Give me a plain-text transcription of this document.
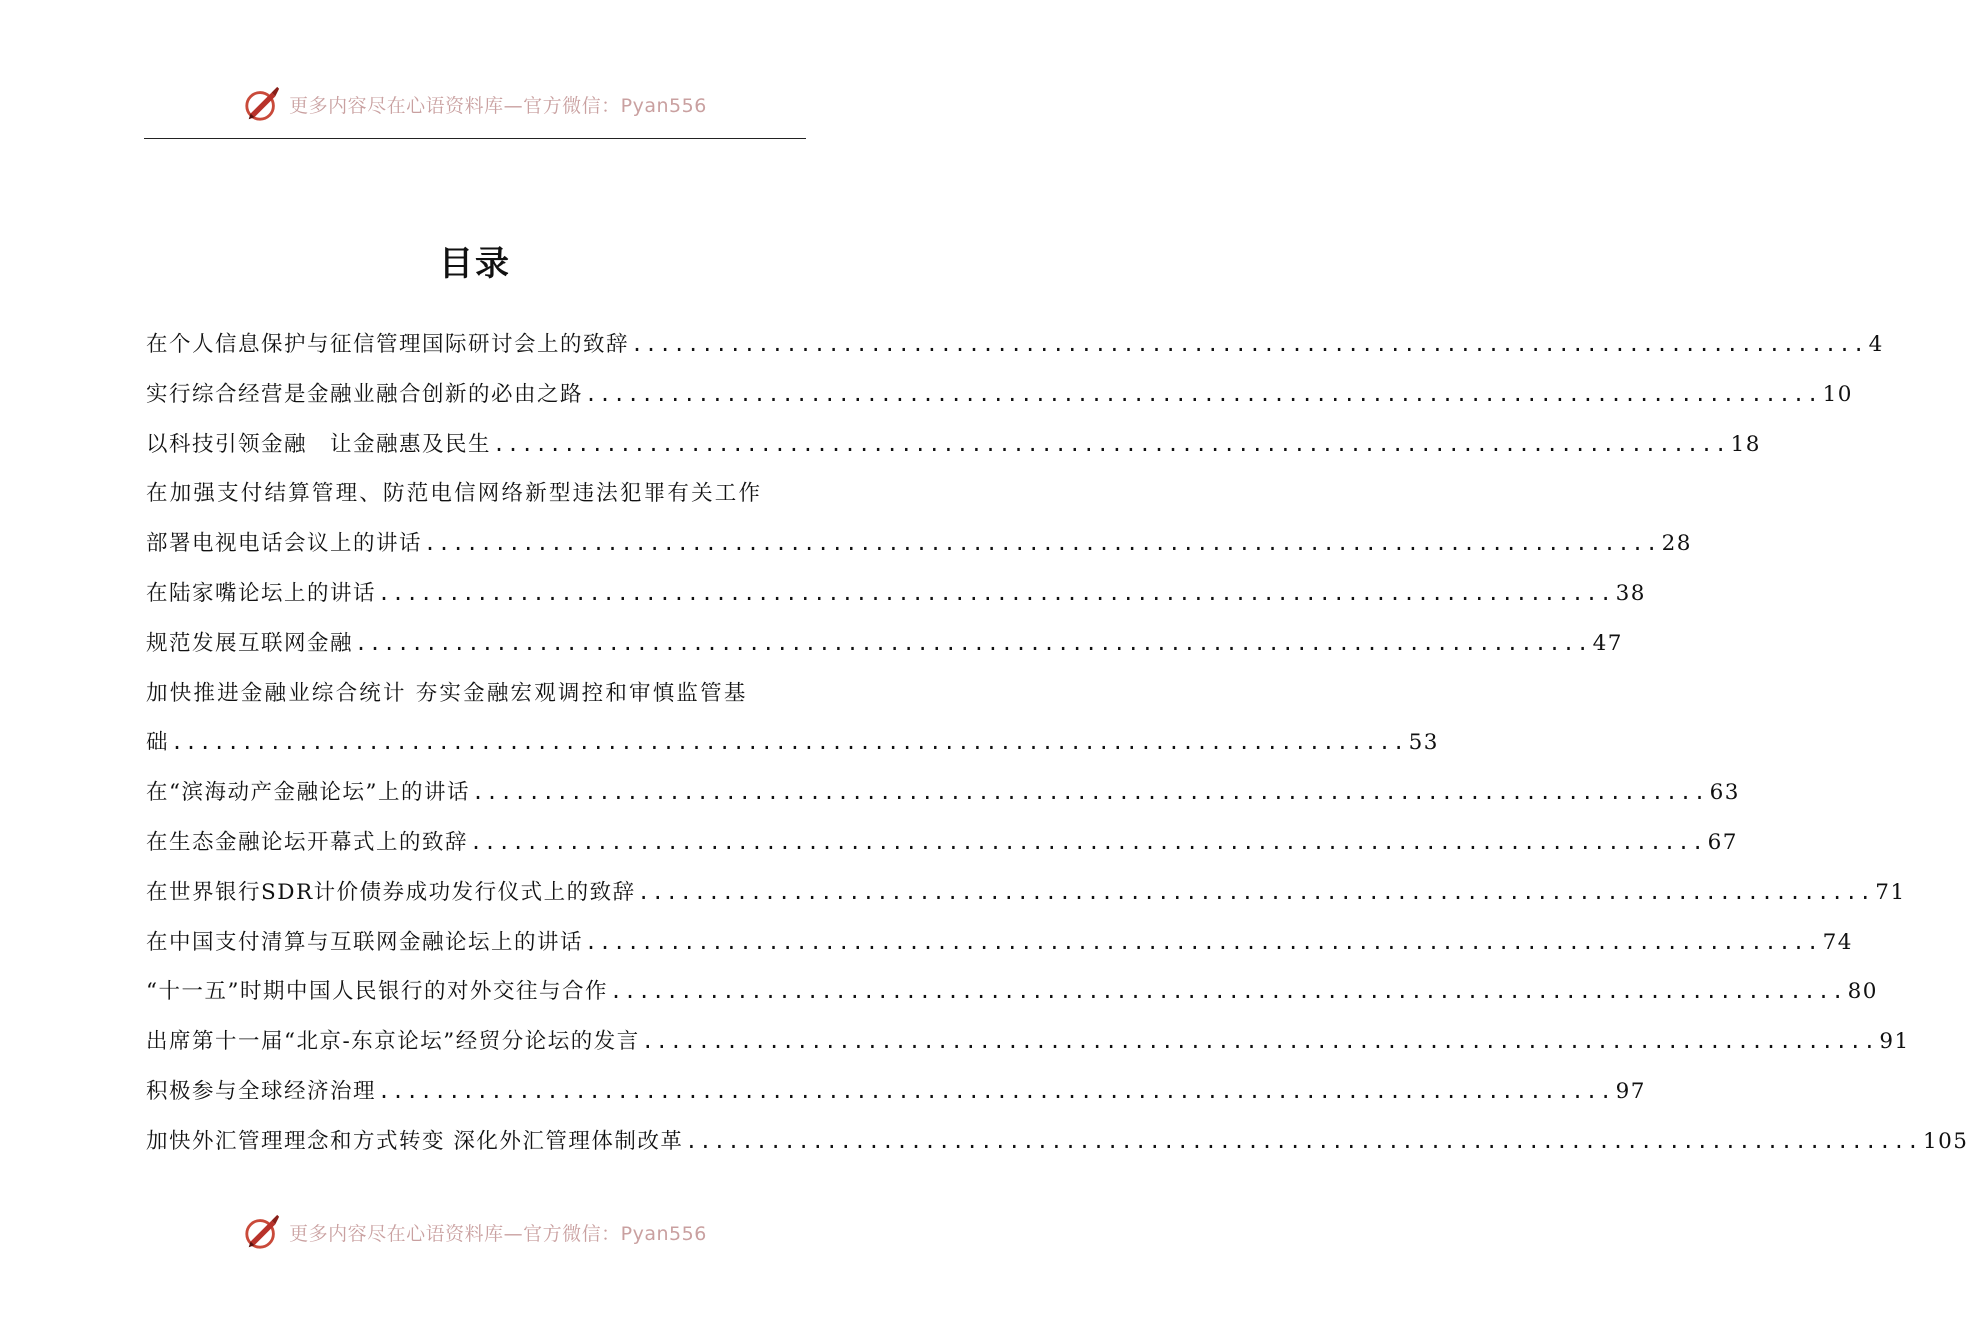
更多内容尽在心语资料库—官方微信：Pyan556
目录
在个人信息保护与征信管理国际研讨会上的致辞 ........................................................................................ 4
实行综合经营是金融业融合创新的必由之路 ........................................................................................ 10
以科技引领金融　让金融惠及民生 ........................................................................................ 18
在加强支付结算管理、防范电信网络新型违法犯罪有关工作
部署电视电话会议上的讲话 ........................................................................................ 28
在陆家嘴论坛上的讲话 ........................................................................................ 38
规范发展互联网金融 ........................................................................................ 47
加快推进金融业综合统计 夯实金融宏观调控和审慎监管基
础 ........................................................................................ 53
在“滨海动产金融论坛”上的讲话 ........................................................................................ 63
在生态金融论坛开幕式上的致辞 ........................................................................................ 67
在世界银行SDR计价债券成功发行仪式上的致辞 ........................................................................................ 71
在中国支付清算与互联网金融论坛上的讲话 ........................................................................................ 74
“十一五”时期中国人民银行的对外交往与合作 ........................................................................................ 80
出席第十一届“北京-东京论坛”经贸分论坛的发言 ........................................................................................ 91
积极参与全球经济治理 ........................................................................................ 97
加快外汇管理理念和方式转变 深化外汇管理体制改革 ........................................................................................ 105
更多内容尽在心语资料库—官方微信：Pyan556
